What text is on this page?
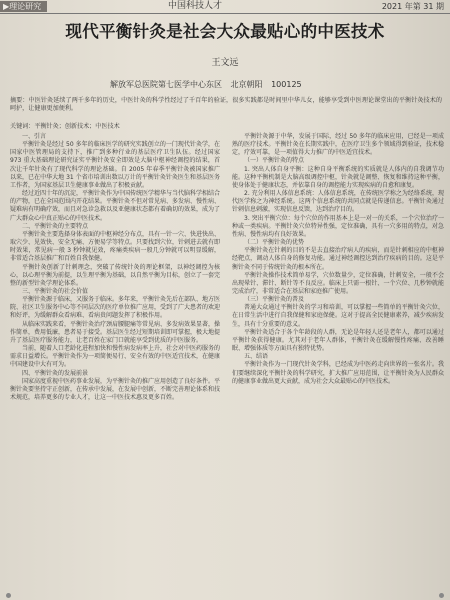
▶理论研究	中国科技人才	2021 年第 31 期
现代平衡针灸是社会大众最贴心的中医技术
王文远
解放军总医院第七医学中心东区 北京朝阳 100125
摘要：中医针灸延续了两千多年的历史，中医针灸的科学性经过了千百年的验证，很多实践都是时间里中华儿女，能够享受到中医理论课堂出的平衡针灸技术的呵护，让健康更加便利。
关键词：平衡针灸；创新技术；中医技术

一、引言

平衡针灸是经过 50 多年的临床医学的研究实践创立的一门现代针灸学，在国家中医管理局的支持下，推广到多种行业的基层医疗卫生队伍。经过国家 973 重大基础理论研究证实平衡针灸安全即效是大脑中枢神经调控的结果，首次让千年针灸有了现代科学的理论基础。自 2005 年春季平衡针灸被国家推广以来，已在中华大地 31 个省市培训出数以万计的平衡针灸针灸医生和基层医务工作者，为国家基层卫生健康事业做出了积极贡献。

经过近四十年的沉淀，平衡针灸作为中国传统医学精华与当代脑科学相结合的产物，已在全国范围内开花结果。平衡针灸不但对常见病、多发病、慢性病、疑难病有明确疗效，而且对急诊急救以及亚健康状态都有着确切的效果，成为了广大群众心中真正贴心的中医技术。

二、平衡针灸的主要特点

平衡针灸主要选择身体表面的中枢神经分布点，具有一针一穴、快进快出、取穴少、见效快、安全无痛、方便易学等特点。只要找到穴位，针刺进去就有即时效果，常见病一般 3 秒钟就见效，疼痛类疾病一般几分钟就可以明显缓解，非常适合基层推广和百姓自我保健。

平衡针灸创新了针刺理念，突破了传统针灸的理论框架，以神经调控为核心，以心理平衡为前提，以生理平衡为基础，以自然平衡为目标，创立了一套完整的新型针灸学理论体系。

三、平衡针灸的社会价值

平衡针灸源于临床，又服务于临床。多年来，平衡针灸先后在部队、地方医院、社区卫生服务中心等不同层次的医疗单位推广应用，受到了广大患者的欢迎和好评，为缓解群众看病难、看病贵问题发挥了积极作用。

从临床实践来看，平衡针灸治疗颈肩腰腿痛等常见病、多发病效果显著，操作简单，费用低廉，患者易于接受。基层医生经过短期培训即可掌握，极大地提升了基层医疗服务能力，让老百姓在家门口就能享受到优质的中医服务。

当前，随着人口老龄化进程加快和慢性病发病率上升，社会对中医药服务的需求日益增长。平衡针灸作为一项简便易行、安全有效的中医适宜技术，在健康中国建设中大有可为。

四、平衡针灸的发展前景

国家高度重视中医药事业发展，为平衡针灸的推广应用创造了良好条件。平衡针灸要坚持守正创新，在传承中发展，在发展中创新，不断完善理论体系和技术规范，培养更多的专业人才，让这一中医技术惠及更多百姓。

平衡针灸源于中华，发展于国际，经过 50 多年的临床应用，已经是一项成熟的医疗技术。平衡针灸在长期实践中，在医疗卫生多个领域得到验证，技术稳定，疗效可靠，是一项值得大力推广的中医适宜技术。

（一）平衡针灸的特点

1. 突出人体自身平衡：这种自身平衡系统的实质就是人体内的自我调节功能。这种平衡机制是大脑高级调控中枢，针灸就是调整、恢复和维持这种平衡，使身体处于健康状态，并依靠自身的调控能力实现疾病的自愈和康复。

2. 充分利用人体信息系统：人体信息系统，在传统医学称之为经络系统，现代医学称之为神经系统。这两个信息系统的共同点就是传递信息。平衡针灸通过针刺信息刺激，实现信息反馈，达到治疗目的。

3. 突出平衡穴位：每个穴位的作用基本上是一对一的关系，一个穴位治疗一种或一类疾病。平衡针灸穴位特异性强，定位准确，具有一穴多用的特点，对急性病、慢性病均有良好效果。

（二）平衡针灸的优势

平衡针灸在针刺的目的不是去直接治疗病人的疾病，而是针刺相应的中枢神经靶点，调动人体自身的修复功能。通过神经调控达到治疗疾病的目的。这是平衡针灸不同于传统针灸的根本所在。

平衡针灸操作技术简单易学，穴位数量少，定位准确，针刺安全，一般不会出现晕针、滞针、断针等不良反应。临床上只需一根针、一个穴位、几秒钟就能完成治疗，非常适合在基层和家庭推广使用。

（三）平衡针灸的普及

普通大众通过平衡针灸的学习和培训，可以掌握一些简单的平衡针灸穴位，在日常生活中进行自我保健和家庭保健。这对于提高全民健康素养，减少疾病发生，具有十分重要的意义。

平衡针灸适合于各个年龄段的人群，无论是年轻人还是老年人，都可以通过平衡针灸获得健康。尤其对于老年人群体，平衡针灸在缓解慢性疼痛、改善睡眠、增强体质等方面具有独特优势。

五、结语

平衡针灸作为一门现代针灸学科，已经成为中医药走向世界的一张名片。我们要继续深化平衡针灸的科学研究，扩大推广应用范围，让平衡针灸为人民群众的健康事业做出更大贡献，成为社会大众最贴心的中医技术。
